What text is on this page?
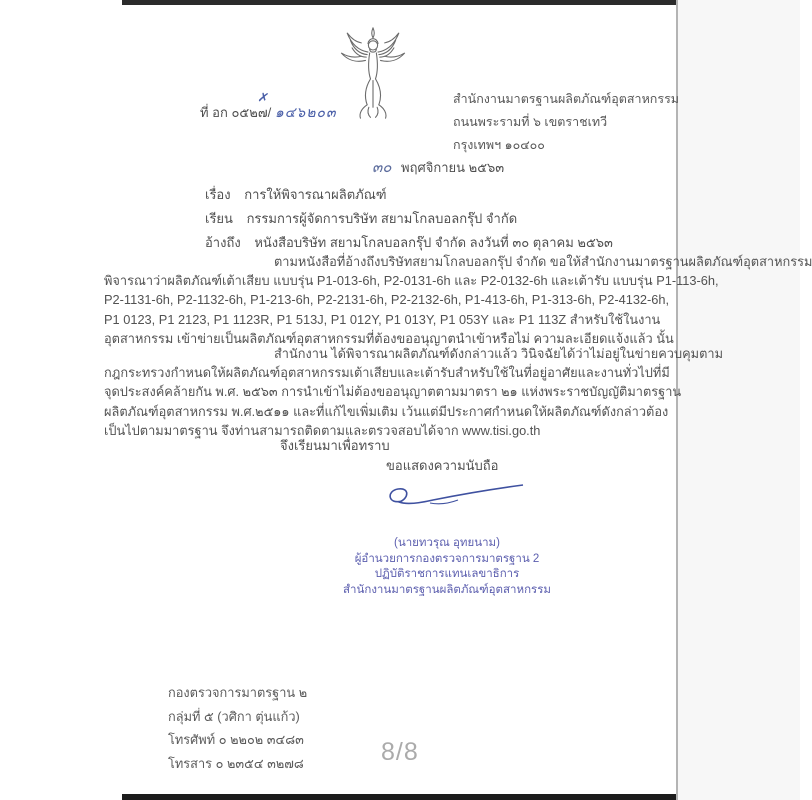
ที่ อก ๐๕๒๗/ ๑๔๖๒๐๓
✗	สำนักงานมาตรฐานผลิตภัณฑ์อุตสาหกรรม
ถนนพระรามที่ ๖ เขตราชเทวี
กรุงเทพฯ ๑๐๔๐๐
๓๐ พฤศจิกายน ๒๕๖๓
เรื่อง การให้พิจารณาผลิตภัณฑ์
เรียน กรรมการผู้จัดการบริษัท สยามโกลบอลกรุ๊ป จำกัด
อ้างถึง หนังสือบริษัท สยามโกลบอลกรุ๊ป จำกัด ลงวันที่ ๓๐ ตุลาคม ๒๕๖๓
ตามหนังสือที่อ้างถึงบริษัทสยามโกลบอลกรุ๊ป จำกัด ขอให้สำนักงานมาตรฐานผลิตภัณฑ์อุตสาหกรรม
พิจารณาว่าผลิตภัณฑ์เต้าเสียบ แบบรุ่น P1-013-6h, P2-0131-6h และ P2-0132-6h และเต้ารับ แบบรุ่น P1-113-6h,
P2-1131-6h, P2-1132-6h, P1-213-6h, P2-2131-6h, P2-2132-6h, P1-413-6h, P1-313-6h, P2-4132-6h,
P1 0123, P1 2123, P1 1123R, P1 513J, P1 012Y, P1 013Y, P1 053Y และ P1 113Z สำหรับใช้ในงาน
อุตสาหกรรม เข้าข่ายเป็นผลิตภัณฑ์อุตสาหกรรมที่ต้องขออนุญาตนำเข้าหรือไม่ ความละเอียดแจ้งแล้ว นั้น
สำนักงาน ได้พิจารณาผลิตภัณฑ์ดังกล่าวแล้ว วินิจฉัยได้ว่าไม่อยู่ในข่ายควบคุมตาม
กฎกระทรวงกำหนดให้ผลิตภัณฑ์อุตสาหกรรมเต้าเสียบและเต้ารับสำหรับใช้ในที่อยู่อาศัยและงานทั่วไปที่มี
จุดประสงค์คล้ายกัน พ.ศ. ๒๕๖๓ การนำเข้าไม่ต้องขออนุญาตตามมาตรา ๒๑ แห่งพระราชบัญญัติมาตรฐาน
ผลิตภัณฑ์อุตสาหกรรม พ.ศ.๒๕๑๑ และที่แก้ไขเพิ่มเติม เว้นแต่มีประกาศกำหนดให้ผลิตภัณฑ์ดังกล่าวต้อง
เป็นไปตามมาตรฐาน จึงท่านสามารถติดตามและตรวจสอบได้จาก www.tisi.go.th
จึงเรียนมาเพื่อทราบ
ขอแสดงความนับถือ
(นายทวรุณ อุทยนาม)
ผู้อำนวยการกองตรวจการมาตรฐาน 2
ปฏิบัติราชการแทนเลขาธิการ
สำนักงานมาตรฐานผลิตภัณฑ์อุตสาหกรรม
กองตรวจการมาตรฐาน ๒
กลุ่มที่ ๕ (วศิกา ตุ่นแก้ว)
โทรศัพท์ ๐ ๒๒๐๒ ๓๔๘๓
โทรสาร ๐ ๒๓๕๔ ๓๒๗๘	8/8
